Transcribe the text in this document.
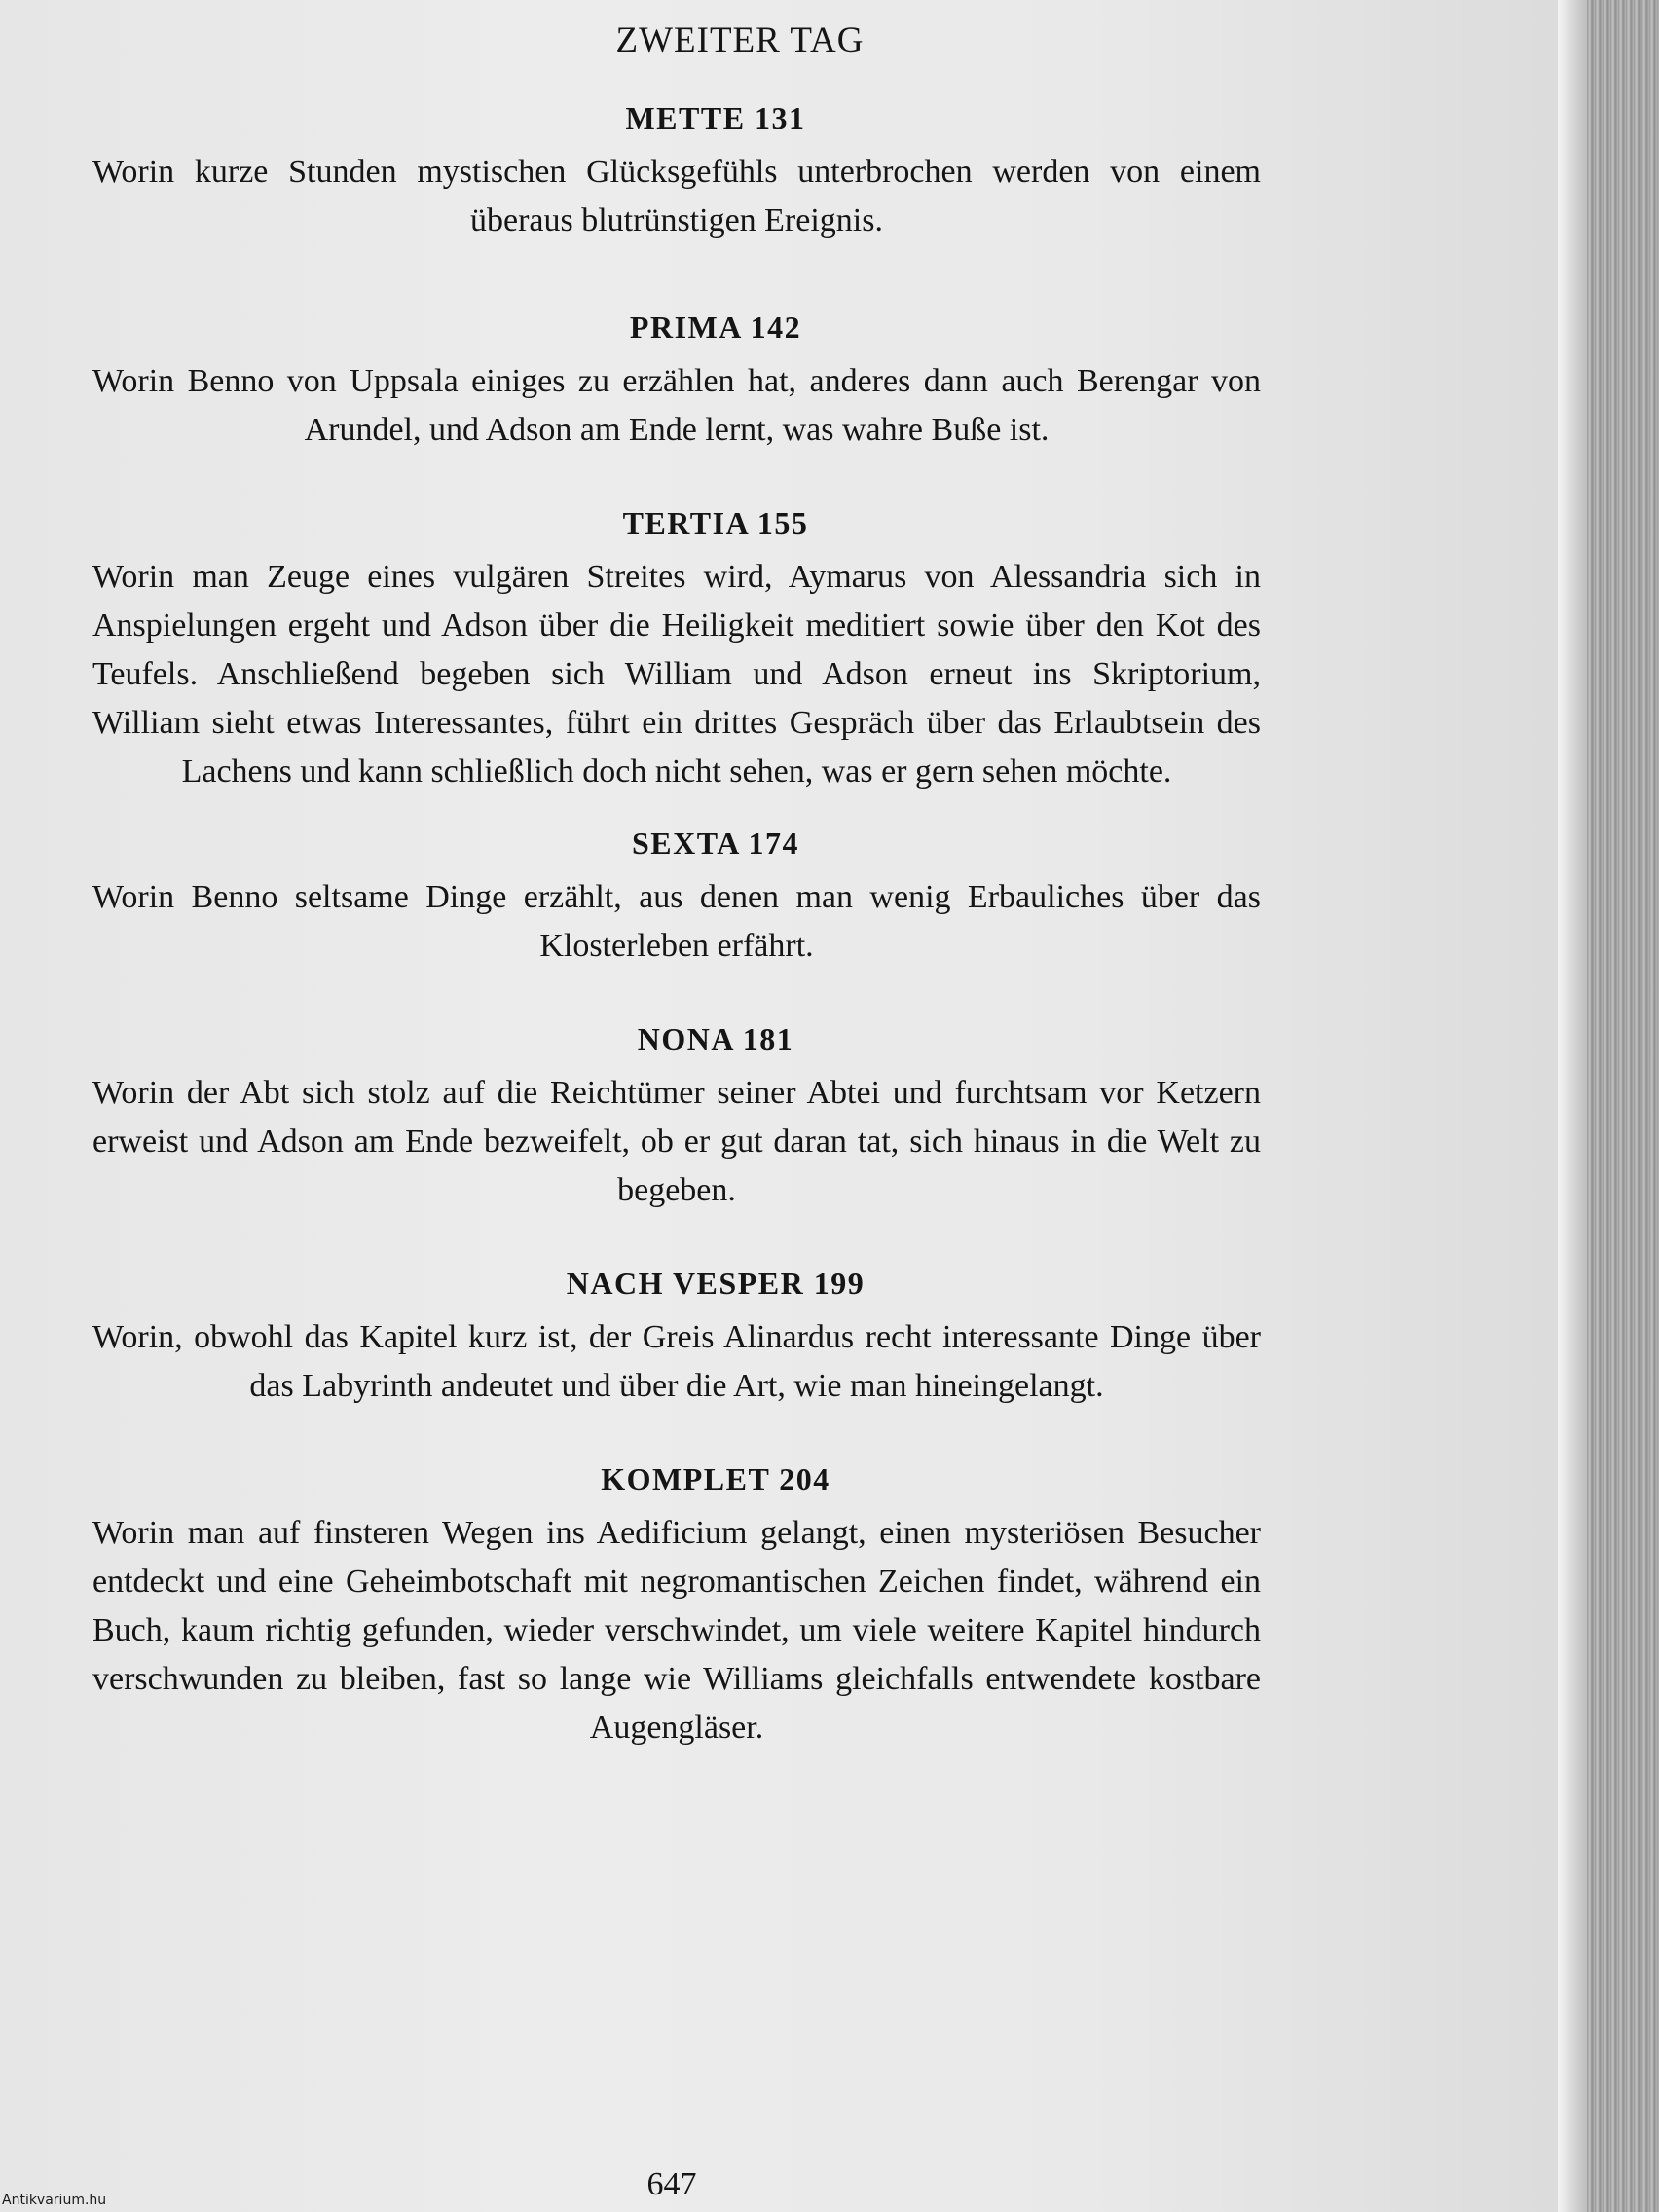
ZWEITER TAG
METTE 131

Worin kurze Stunden mystischen Glücksgefühls unterbrochen werden von einem überaus blutrünstigen Ereignis.

PRIMA 142

Worin Benno von Uppsala einiges zu erzählen hat, anderes dann auch Berengar von Arundel, und Adson am Ende lernt, was wahre Buße ist.

TERTIA 155

Worin man Zeuge eines vulgären Streites wird, Aymarus von Alessandria sich in Anspielungen ergeht und Adson über die Heiligkeit meditiert sowie über den Kot des Teufels. Anschließend begeben sich William und Adson erneut ins Skriptorium, William sieht etwas Interessantes, führt ein drittes Gespräch über das Erlaubtsein des Lachens und kann schließlich doch nicht sehen, was er gern sehen möchte.

SEXTA 174

Worin Benno seltsame Dinge erzählt, aus denen man wenig Erbauliches über das Klosterleben erfährt.

NONA 181

Worin der Abt sich stolz auf die Reichtümer seiner Abtei und furchtsam vor Ketzern erweist und Adson am Ende bezweifelt, ob er gut daran tat, sich hinaus in die Welt zu begeben.

NACH VESPER 199

Worin, obwohl das Kapitel kurz ist, der Greis Alinardus recht interessante Dinge über das Labyrinth andeutet und über die Art, wie man hineingelangt.

KOMPLET 204

Worin man auf finsteren Wegen ins Aedificium gelangt, einen mysteriösen Besucher entdeckt und eine Geheimbotschaft mit negromantischen Zeichen findet, während ein Buch, kaum richtig gefunden, wieder verschwindet, um viele weitere Kapitel hindurch verschwunden zu bleiben, fast so lange wie Williams gleichfalls entwendete kostbare Augengläser.

647
Antikvarium.hu
